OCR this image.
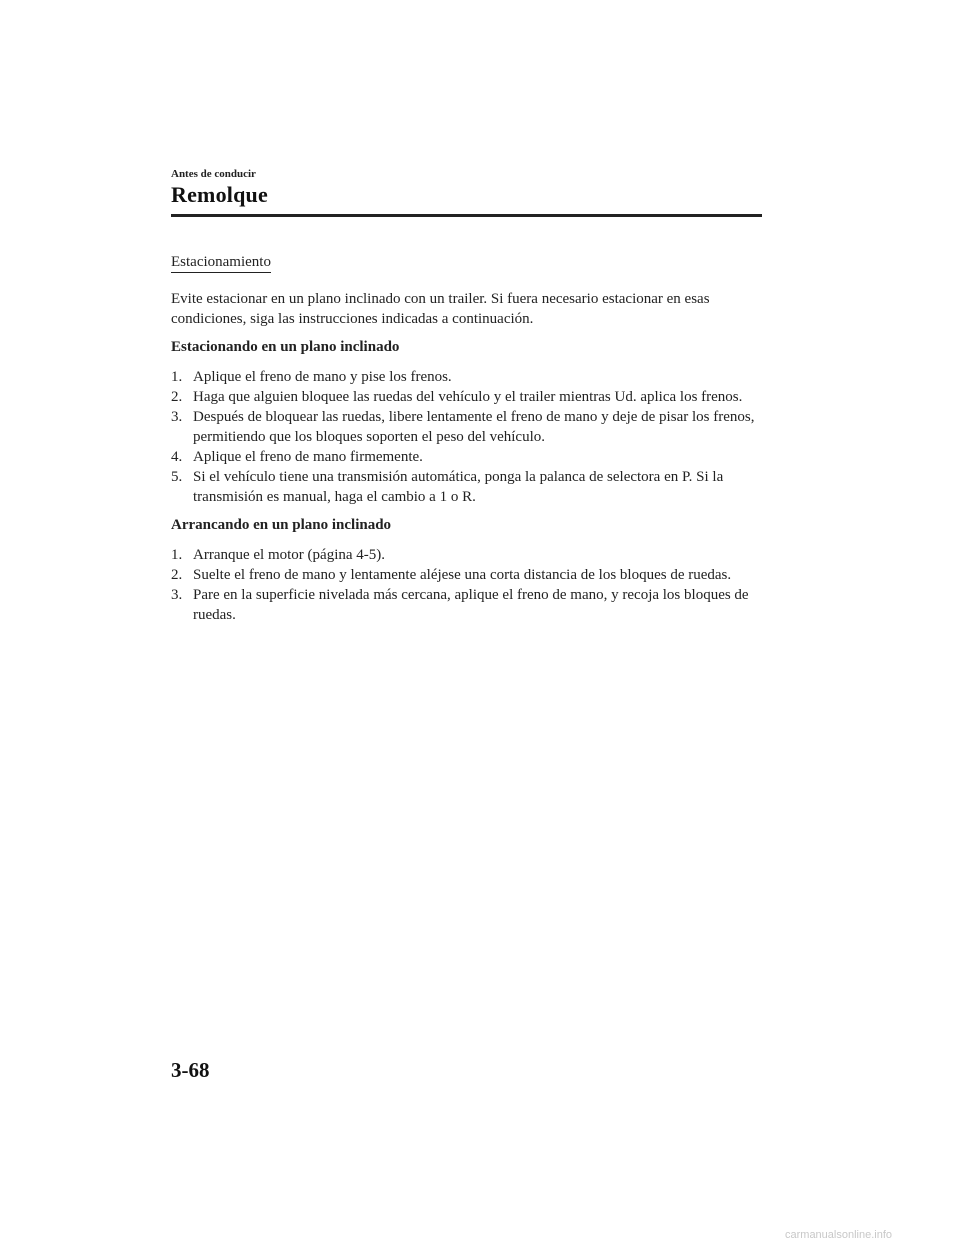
Antes de conducir
Remolque
Estacionamiento

Evite estacionar en un plano inclinado con un trailer. Si fuera necesario estacionar en esas condiciones, siga las instrucciones indicadas a continuación.

Estacionando en un plano inclinado
1. Aplique el freno de mano y pise los frenos.
2. Haga que alguien bloquee las ruedas del vehículo y el trailer mientras Ud. aplica los frenos.
3. Después de bloquear las ruedas, libere lentamente el freno de mano y deje de pisar los frenos, permitiendo que los bloques soporten el peso del vehículo.
4. Aplique el freno de mano firmemente.
5. Si el vehículo tiene una transmisión automática, ponga la palanca de selectora en P. Si la transmisión es manual, haga el cambio a 1 o R.
Arrancando en un plano inclinado
1. Arranque el motor (página 4-5).
2. Suelte el freno de mano y lentamente aléjese una corta distancia de los bloques de ruedas.
3. Pare en la superficie nivelada más cercana, aplique el freno de mano, y recoja los bloques de ruedas.
3-68
carmanualsonline.info
